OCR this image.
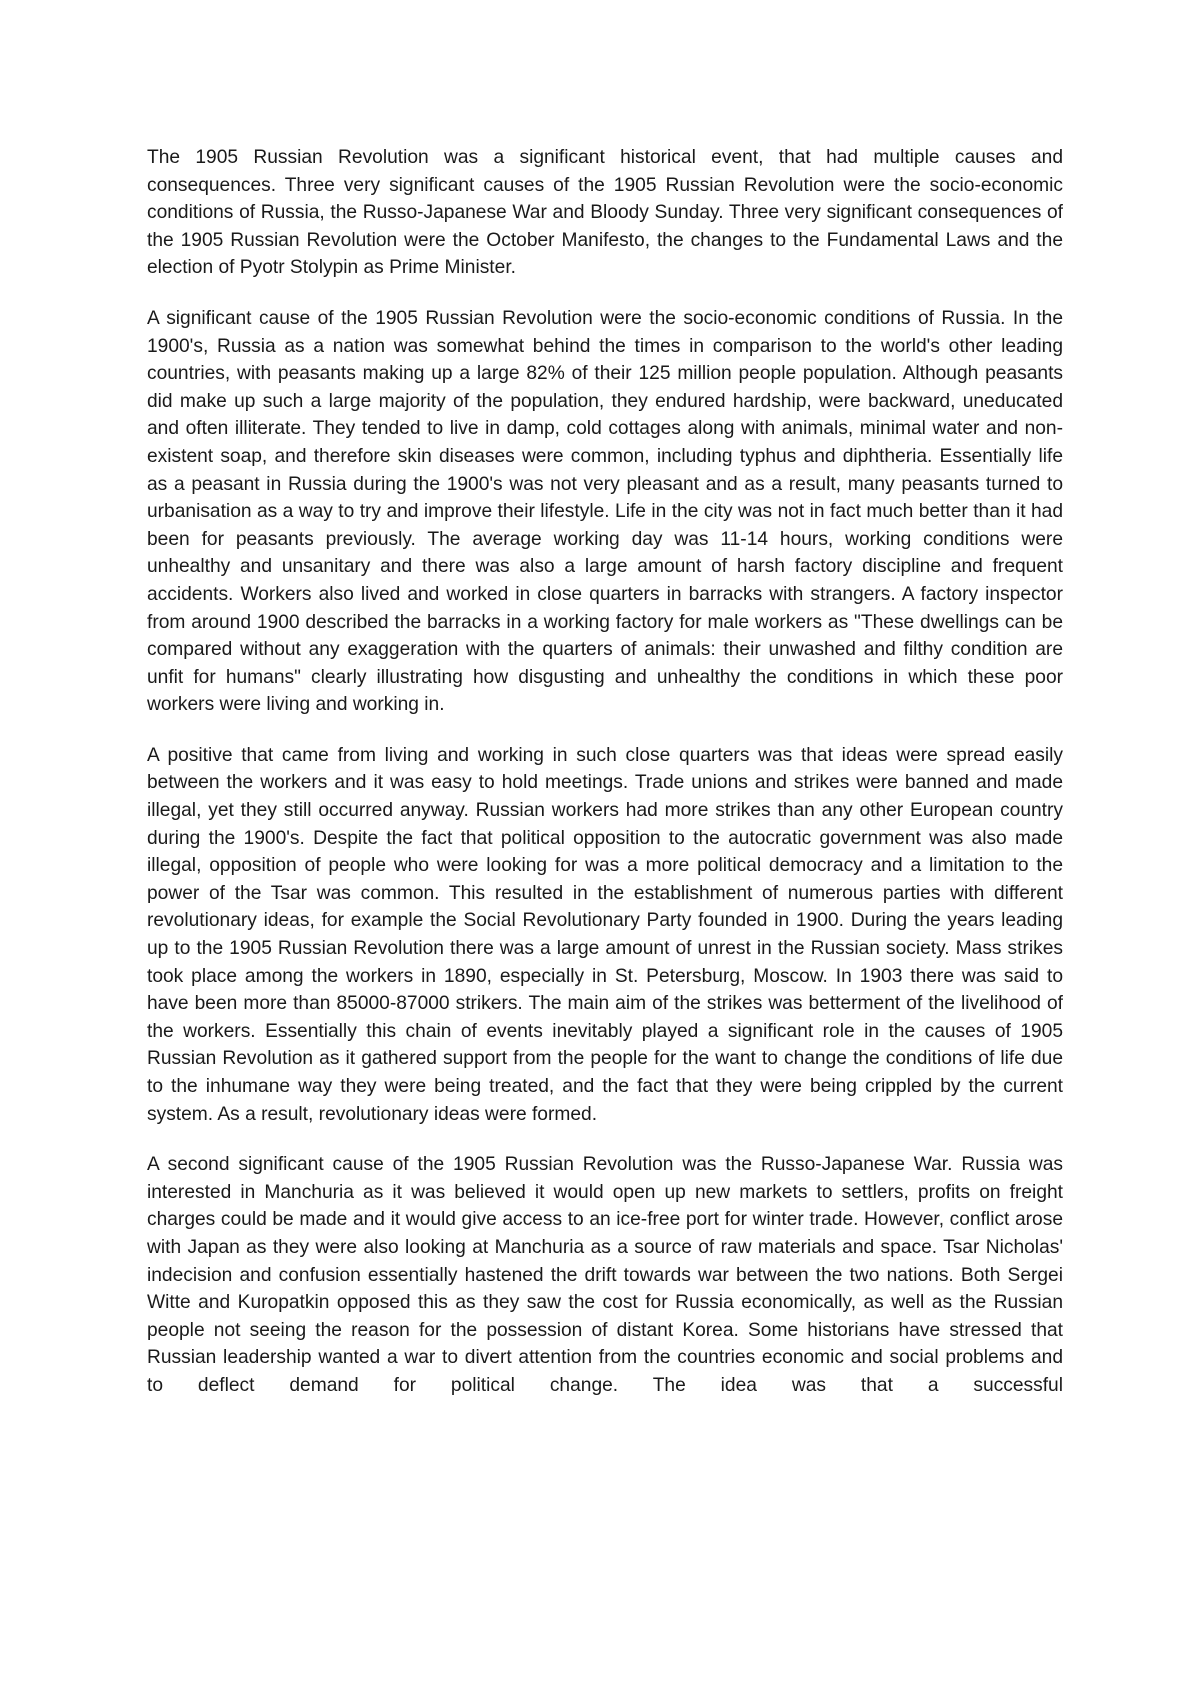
The 1905 Russian Revolution was a significant historical event, that had multiple causes and consequences. Three very significant causes of the 1905 Russian Revolution were the socio-economic conditions of Russia, the Russo-Japanese War and Bloody Sunday. Three very significant consequences of the 1905 Russian Revolution were the October Manifesto, the changes to the Fundamental Laws and the election of Pyotr Stolypin as Prime Minister.

A significant cause of the 1905 Russian Revolution were the socio-economic conditions of Russia. In the 1900's, Russia as a nation was somewhat behind the times in comparison to the world's other leading countries, with peasants making up a large 82% of their 125 million people population. Although peasants did make up such a large majority of the population, they endured hardship, were backward, uneducated and often illiterate. They tended to live in damp, cold cottages along with animals, minimal water and non-existent soap, and therefore skin diseases were common, including typhus and diphtheria. Essentially life as a peasant in Russia during the 1900's was not very pleasant and as a result, many peasants turned to urbanisation as a way to try and improve their lifestyle. Life in the city was not in fact much better than it had been for peasants previously. The average working day was 11-14 hours, working conditions were unhealthy and unsanitary and there was also a large amount of harsh factory discipline and frequent accidents. Workers also lived and worked in close quarters in barracks with strangers. A factory inspector from around 1900 described the barracks in a working factory for male workers as "These dwellings can be compared without any exaggeration with the quarters of animals: their unwashed and filthy condition are unfit for humans" clearly illustrating how disgusting and unhealthy the conditions in which these poor workers were living and working in.

A positive that came from living and working in such close quarters was that ideas were spread easily between the workers and it was easy to hold meetings. Trade unions and strikes were banned and made illegal, yet they still occurred anyway. Russian workers had more strikes than any other European country during the 1900's. Despite the fact that political opposition to the autocratic government was also made illegal, opposition of people who were looking for was a more political democracy and a limitation to the power of the Tsar was common. This resulted in the establishment of numerous parties with different revolutionary ideas, for example the Social Revolutionary Party founded in 1900. During the years leading up to the 1905 Russian Revolution there was a large amount of unrest in the Russian society. Mass strikes took place among the workers in 1890, especially in St. Petersburg, Moscow. In 1903 there was said to have been more than 85000-87000 strikers. The main aim of the strikes was betterment of the livelihood of the workers. Essentially this chain of events inevitably played a significant role in the causes of 1905 Russian Revolution as it gathered support from the people for the want to change the conditions of life due to the inhumane way they were being treated, and the fact that they were being crippled by the current system. As a result, revolutionary ideas were formed.

A second significant cause of the 1905 Russian Revolution was the Russo-Japanese War. Russia was interested in Manchuria as it was believed it would open up new markets to settlers, profits on freight charges could be made and it would give access to an ice-free port for winter trade. However, conflict arose with Japan as they were also looking at Manchuria as a source of raw materials and space. Tsar Nicholas' indecision and confusion essentially hastened the drift towards war between the two nations. Both Sergei Witte and Kuropatkin opposed this as they saw the cost for Russia economically, as well as the Russian people not seeing the reason for the possession of distant Korea. Some historians have stressed that Russian leadership wanted a war to divert attention from the countries economic and social problems and to deflect demand for political change. The idea was that a successful
